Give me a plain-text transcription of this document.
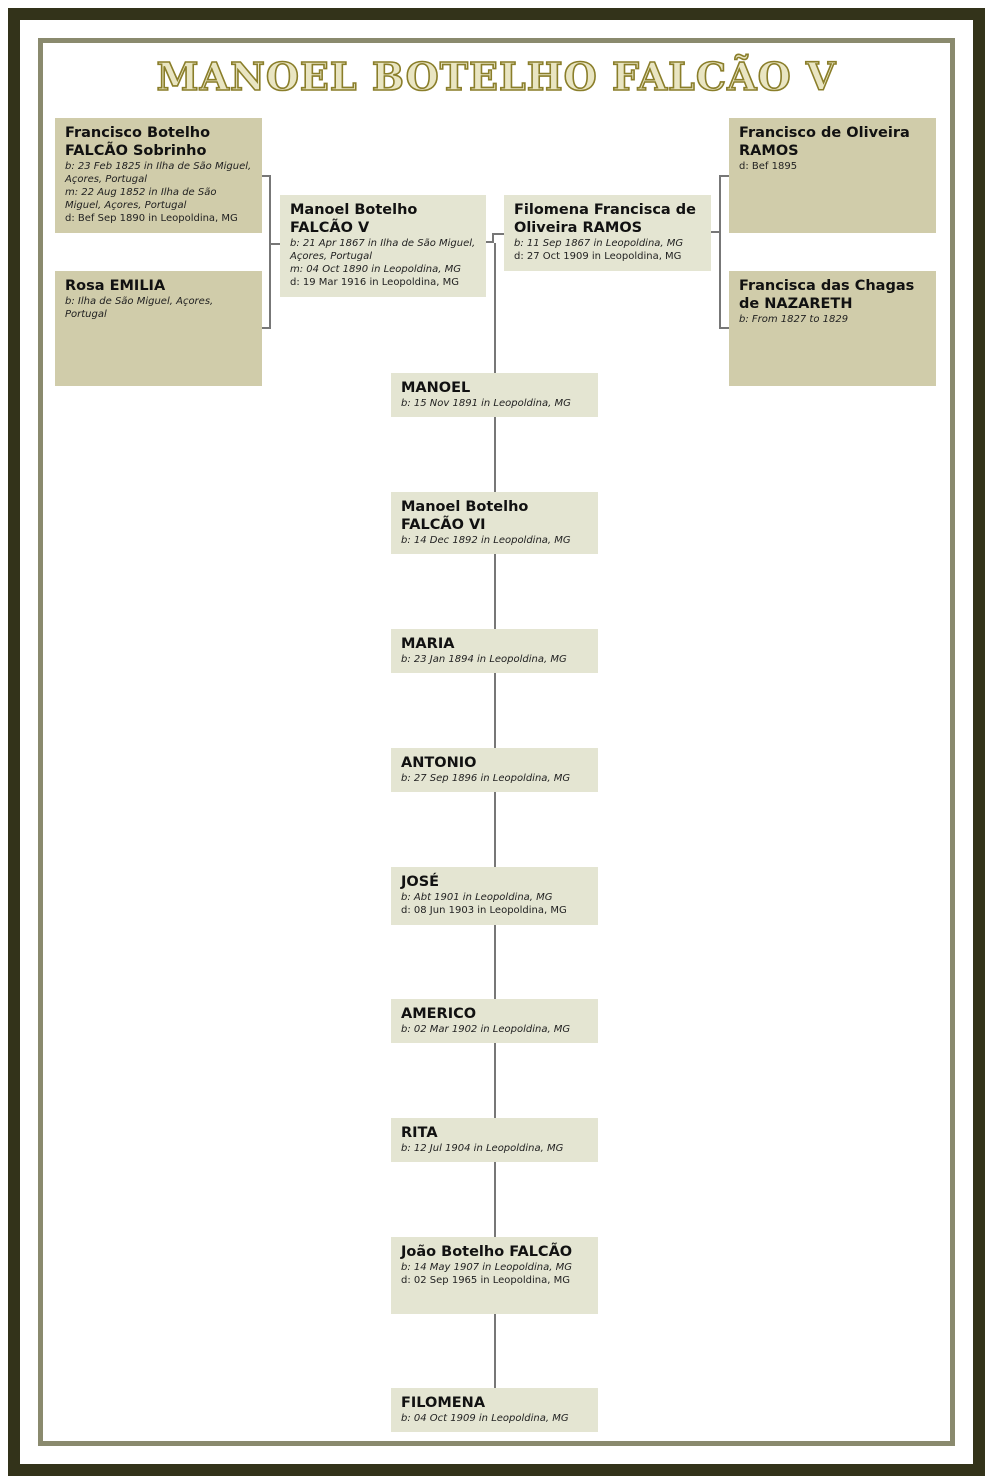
MANOEL BOTELHO FALCÃO V
Francisco Botelho FALCÃO Sobrinho
b: 23 Feb 1825 in Ilha de São Miguel, Açores, Portugal
m: 22 Aug 1852 in Ilha de São Miguel, Açores, Portugal
d: Bef Sep 1890 in Leopoldina, MG
Rosa EMILIA
b: Ilha de São Miguel, Açores, Portugal
Francisco de Oliveira RAMOS
d: Bef 1895
Francisca das Chagas de NAZARETH
b: From 1827 to 1829
Manoel Botelho FALCÃO V
b: 21 Apr 1867 in Ilha de São Miguel, Açores, Portugal
m: 04 Oct 1890 in Leopoldina, MG
d: 19 Mar 1916 in Leopoldina, MG
Filomena Francisca de Oliveira RAMOS
b: 11 Sep 1867 in Leopoldina, MG
d: 27 Oct 1909 in Leopoldina, MG
MANOEL
b: 15 Nov 1891 in Leopoldina, MG
Manoel Botelho FALCÃO VI
b: 14 Dec 1892 in Leopoldina, MG
MARIA
b: 23 Jan 1894 in Leopoldina, MG
ANTONIO
b: 27 Sep 1896 in Leopoldina, MG
JOSÉ
b: Abt 1901 in Leopoldina, MG
d: 08 Jun 1903 in Leopoldina, MG
AMERICO
b: 02 Mar 1902 in Leopoldina, MG
RITA
b: 12 Jul 1904 in Leopoldina, MG
João Botelho FALCÃO
b: 14 May 1907 in Leopoldina, MG
d: 02 Sep 1965 in Leopoldina, MG
FILOMENA
b: 04 Oct 1909 in Leopoldina, MG
